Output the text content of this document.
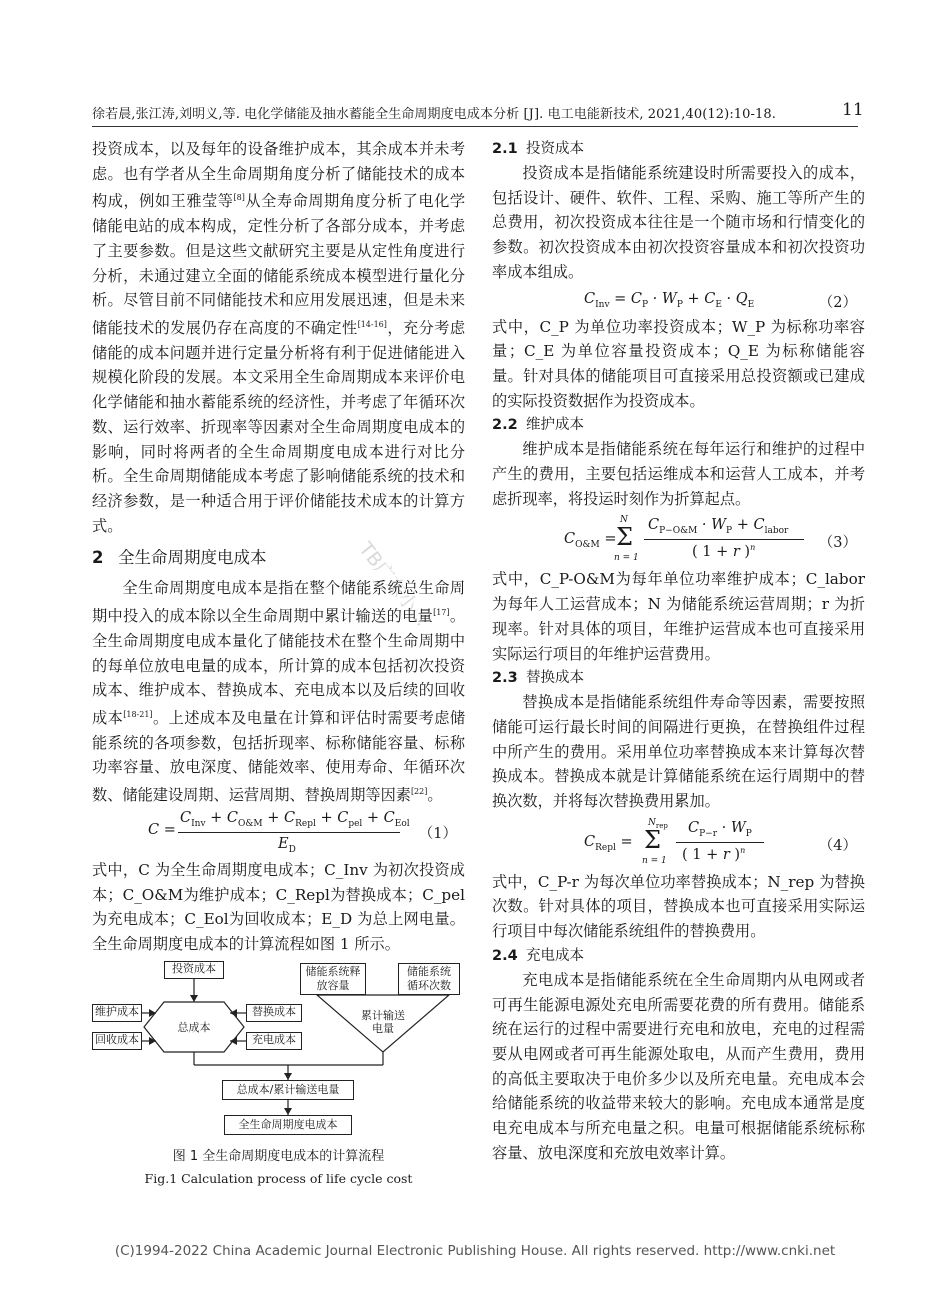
徐若晨,张江涛,刘明义,等. 电化学储能及抽水蓄能全生命周期度电成本分析 [J]. 电工电能新技术, 2021,40(12):10-18.	11
TB广东小...

投资成本，以及每年的设备维护成本，其余成本并未考虑。也有学者从全生命周期角度分析了储能技术的成本构成，例如王雅莹等[8]从全寿命周期角度分析了电化学储能电站的成本构成，定性分析了各部分成本，并考虑了主要参数。但是这些文献研究主要是从定性角度进行分析，未通过建立全面的储能系统成本模型进行量化分析。尽管目前不同储能技术和应用发展迅速，但是未来储能技术的发展仍存在高度的不确定性[14-16]，充分考虑储能的成本问题并进行定量分析将有利于促进储能进入规模化阶段的发展。本文采用全生命周期成本来评价电化学储能和抽水蓄能系统的经济性，并考虑了年循环次数、运行效率、折现率等因素对全生命周期度电成本的影响，同时将两者的全生命周期度电成本进行对比分析。全生命周期储能成本考虑了影响储能系统的技术和经济参数，是一种适合用于评价储能技术成本的计算方式。

2 全生命周期度电成本

全生命周期度电成本是指在整个储能系统总生命周期中投入的成本除以全生命周期中累计输送的电量[17]。全生命周期度电成本量化了储能技术在整个生命周期中的每单位放电电量的成本，所计算的成本包括初次投资成本、维护成本、替换成本、充电成本以及后续的回收成本[18-21]。上述成本及电量在计算和评估时需要考虑储能系统的各项参数，包括折现率、标称储能容量、标称功率容量、放电深度、储能效率、使用寿命、年循环次数、储能建设周期、运营周期、替换周期等因素[22]。

C =
$C_{Inv} + C_{O\&M} + C_{Repl} + C_{pel} + C_{Eol}$
$E_D$
（1）

式中，C 为全生命周期度电成本；C_Inv 为初次投资成本；C_O&M为维护成本；C_Repl为替换成本；C_pel为充电成本；C_Eol为回收成本；E_D 为总上网电量。全生命周期度电成本的计算流程如图 1 所示。

投资成本
维护成本
回收成本
总成本
替换成本
充电成本
储能系统释放容量
储能系统循环次数
累计输送电量
总成本/累计输送电量
全生命周期度电成本
图 1 全生命周期度电成本的计算流程
Fig.1 Calculation process of life cycle cost
2.1 投资成本

投资成本是指储能系统建设时所需要投入的成本，包括设计、硬件、软件、工程、采购、施工等所产生的总费用，初次投资成本往往是一个随市场和行情变化的参数。初次投资成本由初次投资容量成本和初次投资功率成本组成。

$C_{Inv} = C_P \cdot W_P + C_E \cdot Q_E$	（2）

式中，C_P 为单位功率投资成本；W_P 为标称功率容量；C_E 为单位容量投资成本；Q_E 为标称储能容量。针对具体的储能项目可直接采用总投资额或已建成的实际投资数据作为投资成本。

2.2 维护成本

维护成本是指储能系统在每年运行和维护的过程中产生的费用，主要包括运维成本和运营人工成本，并考虑折现率，将投运时刻作为折算起点。

$C_{O\&M}$ =
N
Σ
n = 1
$C_{P-O\&M} \cdot W_P + C_{labor}$
( 1 + r )$^n$	（3）

式中，C_P-O&M为每年单位功率维护成本；C_labor 为每年人工运营成本；N 为储能系统运营周期；r 为折现率。针对具体的项目，年维护运营成本也可直接采用实际运行项目的年维护运营费用。

2.3 替换成本

替换成本是指储能系统组件寿命等因素，需要按照储能可运行最长时间的间隔进行更换，在替换组件过程中所产生的费用。采用单位功率替换成本来计算每次替换成本。替换成本就是计算储能系统在运行周期中的替换次数，并将每次替换费用累加。

$C_{Repl}$ =
$N_{rep}$
Σ
n = 1
$C_{P-r} \cdot W_P$
( 1 + r )$^n$	（4）

式中，C_P-r 为每次单位功率替换成本；N_rep 为替换次数。针对具体的项目，替换成本也可直接采用实际运行项目中每次储能系统组件的替换费用。

2.4 充电成本

充电成本是指储能系统在全生命周期内从电网或者可再生能源电源处充电所需要花费的所有费用。储能系统在运行的过程中需要进行充电和放电，充电的过程需要从电网或者可再生能源处取电，从而产生费用，费用的高低主要取决于电价多少以及所充电量。充电成本会给储能系统的收益带来较大的影响。充电成本通常是度电充电成本与所充电量之积。电量可根据储能系统标称容量、放电深度和充放电效率计算。

(C)1994-2022 China Academic Journal Electronic Publishing House. All rights reserved. http://www.cnki.net
